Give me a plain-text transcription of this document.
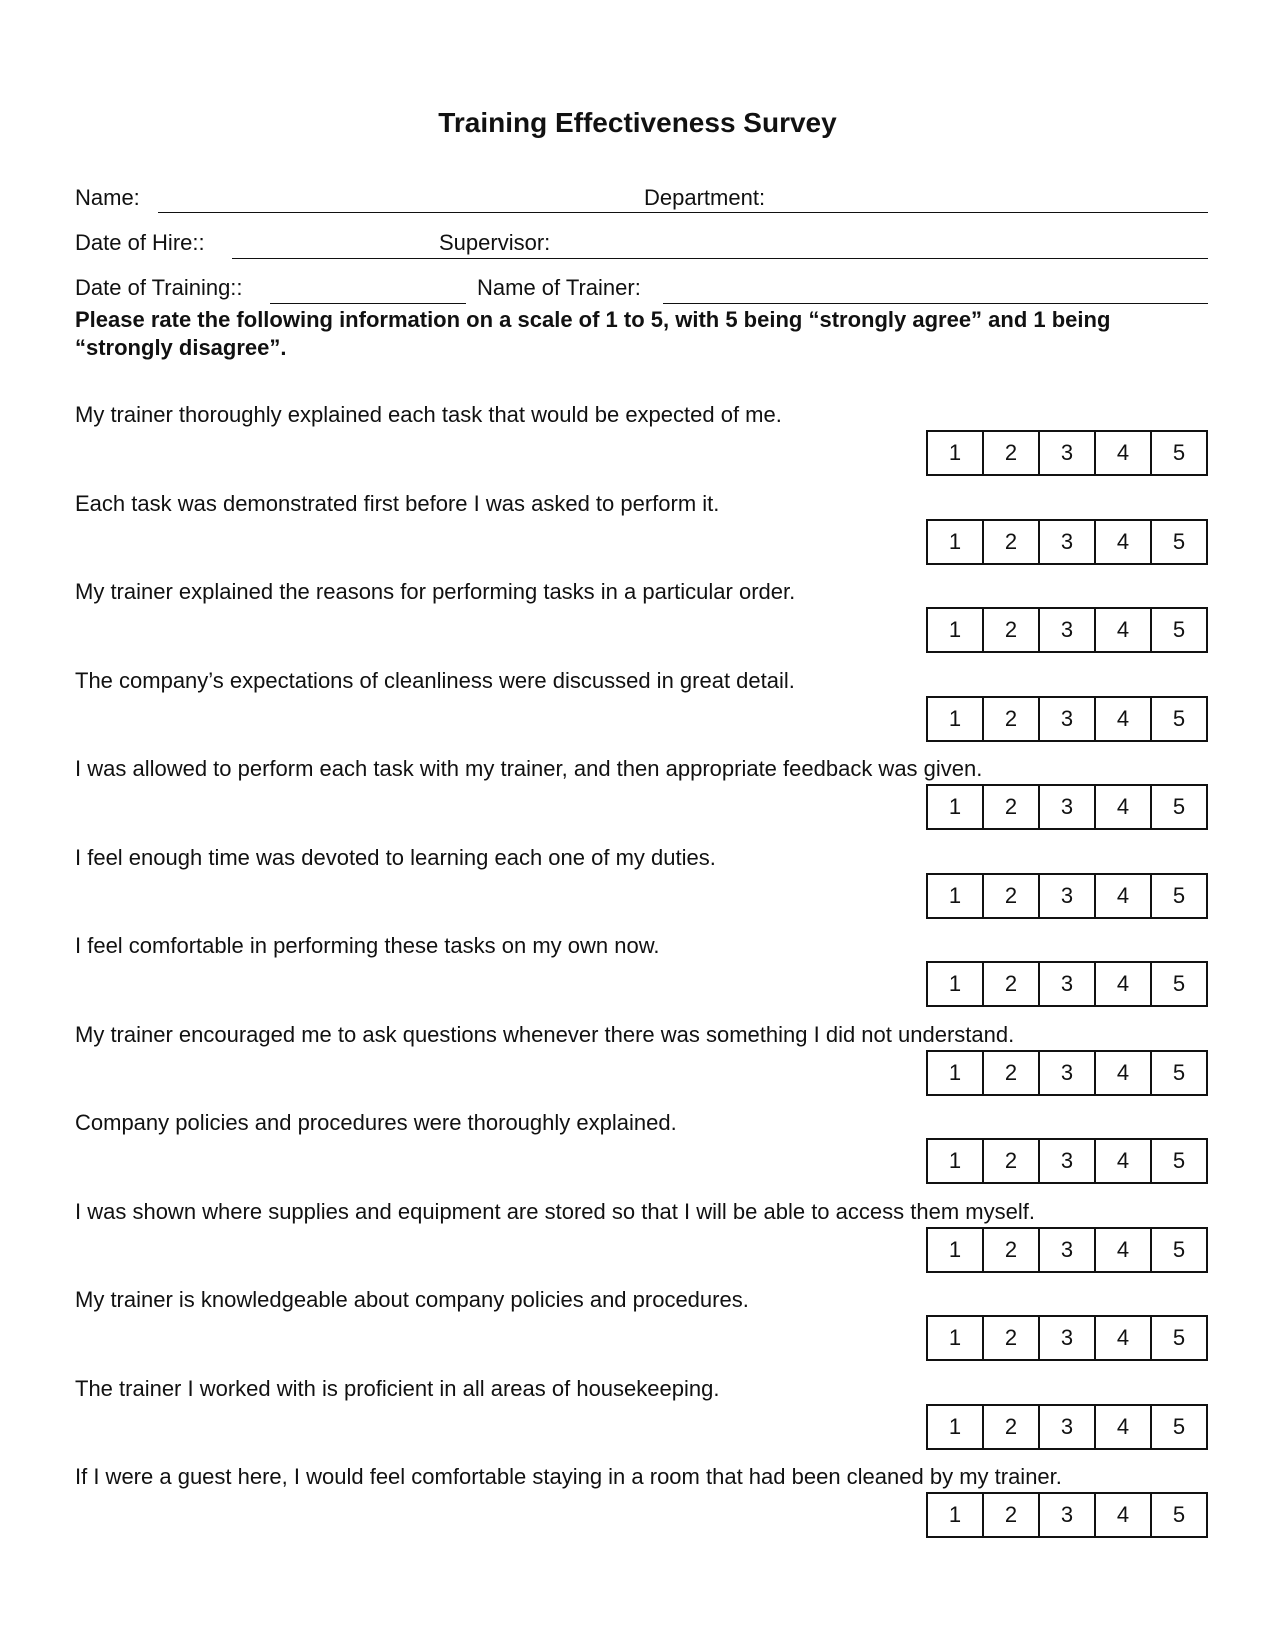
Training Effectiveness Survey
Name:	Department:
Date of Hire::	Supervisor:
Date of Training::	Name of Trainer:
Please rate the following information on a scale of 1 to 5, with 5 being “strongly agree” and 1 being “strongly disagree”.
My trainer thoroughly explained each task that would be expected of me.
1	2	3	4	5
Each task was demonstrated first before I was asked to perform it.
1	2	3	4	5
My trainer explained the reasons for performing tasks in a particular order.
1	2	3	4	5
The company’s expectations of cleanliness were discussed in great detail.
1	2	3	4	5
I was allowed to perform each task with my trainer, and then appropriate feedback was given.
1	2	3	4	5
I feel enough time was devoted to learning each one of my duties.
1	2	3	4	5
I feel comfortable in performing these tasks on my own now.
1	2	3	4	5
My trainer encouraged me to ask questions whenever there was something I did not understand.
1	2	3	4	5
Company policies and procedures were thoroughly explained.
1	2	3	4	5
I was shown where supplies and equipment are stored so that I will be able to access them myself.
1	2	3	4	5
My trainer is knowledgeable about company policies and procedures.
1	2	3	4	5
The trainer I worked with is proficient in all areas of housekeeping.
1	2	3	4	5
If I were a guest here, I would feel comfortable staying in a room that had been cleaned by my trainer.
1	2	3	4	5
